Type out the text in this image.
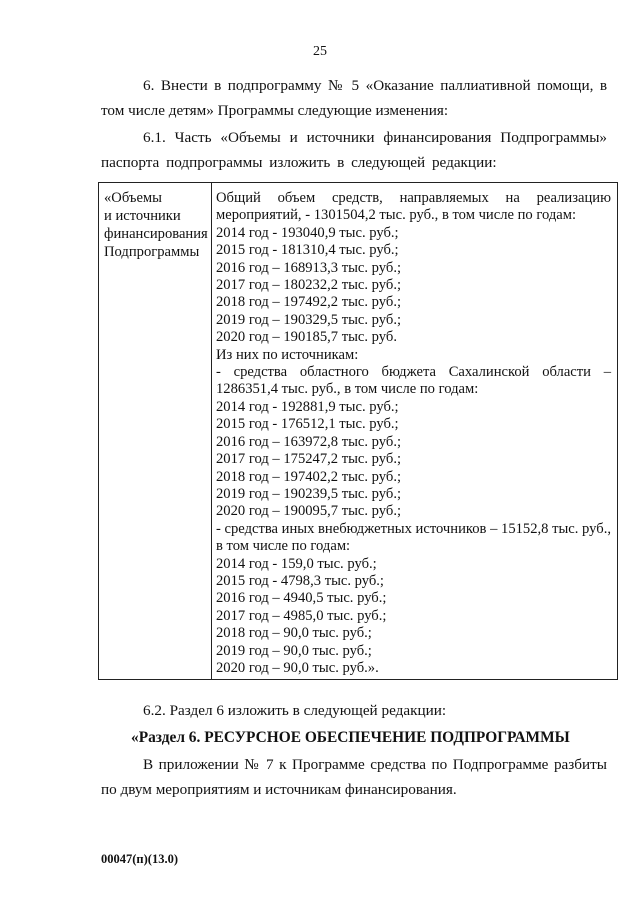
25
6. Внести в подпрограмму № 5 «Оказание паллиативной помощи, в том числе детям» Программы следующие изменения:
6.1. Часть «Объемы и источники финансирования Подпрограммы» паспорта подпрограммы изложить в следующей редакции:
«Объемы
и источники
финансирования
Подпрограммы
Общий объем средств, направляемых на реализацию мероприятий, - 1301504,2 тыс. руб., в том числе по годам:
2014 год - 193040,9 тыс. руб.;
2015 год - 181310,4 тыс. руб.;
2016 год – 168913,3 тыс. руб.;
2017 год – 180232,2 тыс. руб.;
2018 год – 197492,2 тыс. руб.;
2019 год – 190329,5 тыс. руб.;
2020 год – 190185,7 тыс. руб.
Из них по источникам:
- средства областного бюджета Сахалинской области – 1286351,4 тыс. руб., в том числе по годам:
2014 год - 192881,9 тыс. руб.;
2015 год - 176512,1 тыс. руб.;
2016 год – 163972,8 тыс. руб.;
2017 год – 175247,2 тыс. руб.;
2018 год – 197402,2 тыс. руб.;
2019 год – 190239,5 тыс. руб.;
2020 год – 190095,7 тыс. руб.;
- средства иных внебюджетных источников – 15152,8 тыс. руб., в том числе по годам:
2014 год - 159,0 тыс. руб.;
2015 год - 4798,3 тыс. руб.;
2016 год – 4940,5 тыс. руб.;
2017 год – 4985,0 тыс. руб.;
2018 год – 90,0 тыс. руб.;
2019 год – 90,0 тыс. руб.;
2020 год – 90,0 тыс. руб.».
6.2. Раздел 6 изложить в следующей редакции:
«Раздел 6. РЕСУРСНОЕ ОБЕСПЕЧЕНИЕ ПОДПРОГРАММЫ
В приложении № 7 к Программе средства по Подпрограмме разбиты по двум мероприятиям и источникам финансирования.
00047(п)(13.0)
